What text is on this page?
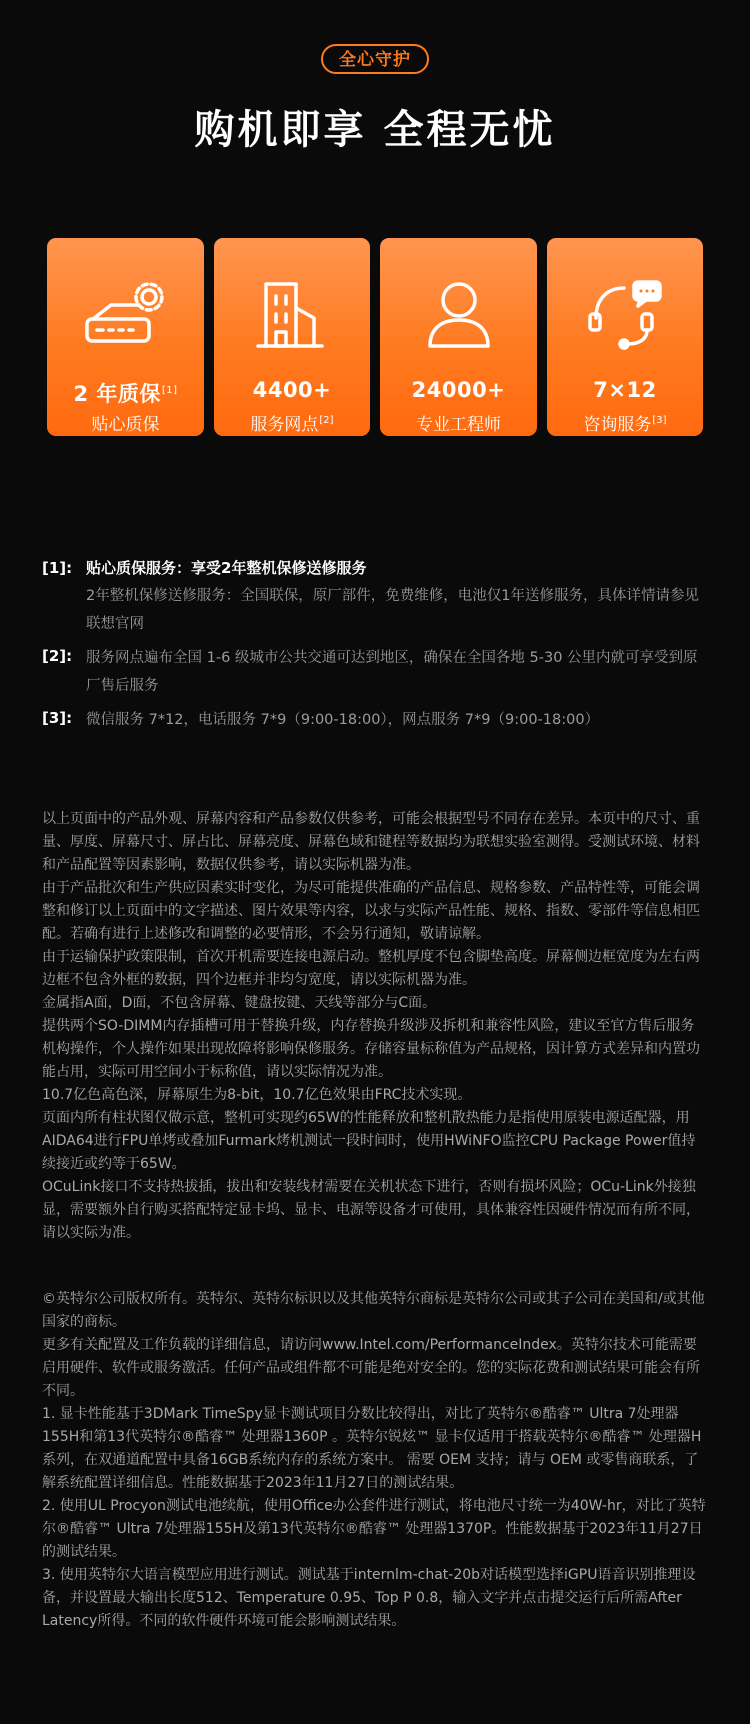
全心守护
购机即享 全程无忧
2 年质保[1]
贴心质保
4400+
服务网点[2]
24000+
专业工程师
7×12
咨询服务[3]
[1]: 贴心质保服务：享受2年整机保修送修服务
2年整机保修送修服务：全国联保，原厂部件，免费维修，电池仅1年送修服务，具体详情请参见联想官网
[2]: 服务网点遍布全国 1-6 级城市公共交通可达到地区，确保在全国各地 5-30 公里内就可享受到原厂售后服务
[3]: 微信服务 7*12，电话服务 7*9（9:00-18:00），网点服务 7*9（9:00-18:00）

以上页面中的产品外观、屏幕内容和产品参数仅供参考，可能会根据型号不同存在差异。本页中的尺寸、重量、厚度、屏幕尺寸、屏占比、屏幕亮度、屏幕色域和键程等数据均为联想实验室测得。受测试环境、材料和产品配置等因素影响，数据仅供参考，请以实际机器为准。

由于产品批次和生产供应因素实时变化，为尽可能提供准确的产品信息、规格参数、产品特性等，可能会调整和修订以上页面中的文字描述、图片效果等内容，以求与实际产品性能、规格、指数、零部件等信息相匹配。若确有进行上述修改和调整的必要情形，不会另行通知，敬请谅解。

由于运输保护政策限制，首次开机需要连接电源启动。整机厚度不包含脚垫高度。屏幕侧边框宽度为左右两边框不包含外框的数据，四个边框并非均匀宽度，请以实际机器为准。

金属指A面，D面，不包含屏幕、键盘按键、天线等部分与C面。

提供两个SO-DIMM内存插槽可用于替换升级，内存替换升级涉及拆机和兼容性风险，建议至官方售后服务机构操作，个人操作如果出现故障将影响保修服务。存储容量标称值为产品规格，因计算方式差异和内置功能占用，实际可用空间小于标称值，请以实际情况为准。

10.7亿色高色深，屏幕原生为8-bit，10.7亿色效果由FRC技术实现。

页面内所有柱状图仅做示意，整机可实现约65W的性能释放和整机散热能力是指使用原装电源适配器，用AIDA64进行FPU单烤或叠加Furmark烤机测试一段时间时，使用HWiNFO监控CPU Package Power值持续接近或约等于65W。

OCuLink接口不支持热拔插，拔出和安装线材需要在关机状态下进行，否则有损坏风险；OCu-Link外接独显，需要额外自行购买搭配特定显卡坞、显卡、电源等设备才可使用，具体兼容性因硬件情况而有所不同，请以实际为准。

©英特尔公司版权所有。英特尔、英特尔标识以及其他英特尔商标是英特尔公司或其子公司在美国和/或其他国家的商标。

更多有关配置及工作负载的详细信息，请访问www.Intel.com/PerformanceIndex。英特尔技术可能需要启用硬件、软件或服务激活。任何产品或组件都不可能是绝对安全的。您的实际花费和测试结果可能会有所不同。

1. 显卡性能基于3DMark TimeSpy显卡测试项目分数比较得出，对比了英特尔®酷睿™ Ultra 7处理器155H和第13代英特尔®酷睿™ 处理器1360P 。英特尔锐炫™ 显卡仅适用于搭载英特尔®酷睿™ 处理器H系列，在双通道配置中具备16GB系统内存的系统方案中。 需要 OEM 支持；请与 OEM 或零售商联系，了解系统配置详细信息。性能数据基于2023年11月27日的测试结果。

2. 使用UL Procyon测试电池续航，使用Office办公套件进行测试，将电池尺寸统一为40W-hr，对比了英特尔®酷睿™ Ultra 7处理器155H及第13代英特尔®酷睿™ 处理器1370P。性能数据基于2023年11月27日的测试结果。

3. 使用英特尔大语言模型应用进行测试。测试基于internlm-chat-20b对话模型选择iGPU语音识别推理设备，并设置最大输出长度512、Temperature 0.95、Top P 0.8，输入文字并点击提交运行后所需After Latency所得。不同的软件硬件环境可能会影响测试结果。
